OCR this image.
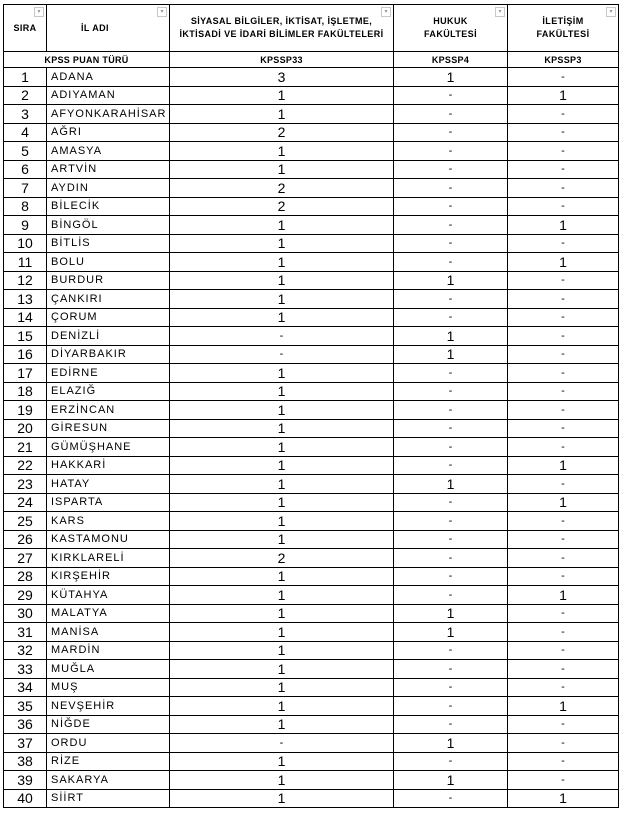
SIRA
▾	İL ADI
▾	SİYASAL BİLGİLER, İKTİSAT, İŞLETME,
İKTİSADİ VE İDARİ BİLİMLER FAKÜLTELERİ
▾	HUKUK
FAKÜLTESİ
▾	İLETİŞİM
FAKÜLTESİ
▾

KPSS PUAN TÜRÜ		KPSSP33	KPSSP4	KPSSP3
1	ADANA	3	1	-
2	ADIYAMAN	1	-	1
3	AFYONKARAHİSAR	1	-	-
4	AĞRI	2	-	-
5	AMASYA	1	-	-
6	ARTVİN	1	-	-
7	AYDIN	2	-	-
8	BİLECİK	2	-	-
9	BİNGÖL	1	-	1
10	BİTLİS	1	-	-
11	BOLU	1	-	1
12	BURDUR	1	1	-
13	ÇANKIRI	1	-	-
14	ÇORUM	1	-	-
15	DENİZLİ	-	1	-
16	DİYARBAKIR	-	1	-
17	EDİRNE	1	-	-
18	ELAZIĞ	1	-	-
19	ERZİNCAN	1	-	-
20	GİRESUN	1	-	-
21	GÜMÜŞHANE	1	-	-
22	HAKKARİ	1	-	1
23	HATAY	1	1	-
24	ISPARTA	1	-	1
25	KARS	1	-	-
26	KASTAMONU	1	-	-
27	KIRKLARELİ	2	-	-
28	KIRŞEHİR	1	-	-
29	KÜTAHYA	1	-	1
30	MALATYA	1	1	-
31	MANİSA	1	1	-
32	MARDİN	1	-	-
33	MUĞLA	1	-	-
34	MUŞ	1	-	-
35	NEVŞEHİR	1	-	1
36	NİĞDE	1	-	-
37	ORDU	-	1	-
38	RİZE	1	-	-
39	SAKARYA	1	1	-
40	SİİRT	1	-	1
